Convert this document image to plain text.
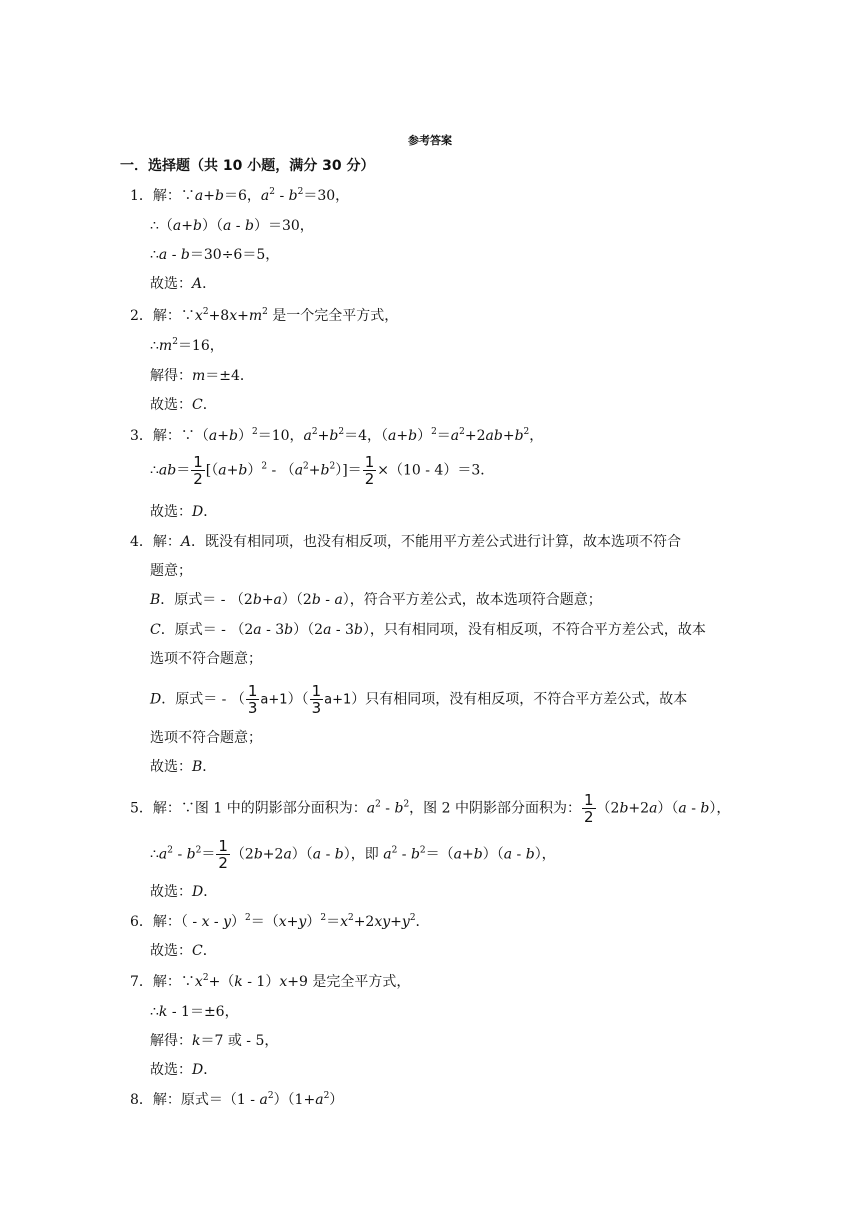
参考答案
一．选择题（共 10 小题，满分 30 分）
1．解：∵a+b＝6，$a^2 - b^2=30$，
∴（a+b）（a - b）＝30，
∴a - b＝30÷6＝5，
故选：A．
2．解：$\because x^2+8x+m^2$ 是一个完全平方式，
$\therefore m^2=16$，
解得：m＝±4．
故选：C．
3．解：$\because(a+b)^2=10$，$a^2+b^2=4$，$(a+b)^2=a^2+2ab+b^2$，
∴ab＝ $\frac{1}{2} [(a+b)^2 - (a^2+b^2)]= \frac{1}{2} \times(10 - 4)=3$．
故选：D．
4．解：A．既没有相同项，也没有相反项，不能用平方差公式进行计算，故本选项不符合
题意；
B．原式＝ - （2b+a）（2b - a），符合平方差公式，故本选项符合题意；
C．原式＝ - （2a - 3b）（2a - 3b），只有相同项，没有相反项，不符合平方差公式，故本
选项不符合题意；
D．原式＝ - （ $\frac{1}{3} a+1)( \frac{1}{3} a+1)$只有相同项，没有相反项，不符合平方差公式，故本
选项不符合题意；
故选：B．
5．解：∵图 1 中的阴影部分面积为：$a^2 - b^2$，图 2 中阴影部分面积为： $\frac{1}{2} (2b+2a)(a - b)$，
$\therefore a^2 - b^2= \frac{1}{2} (2b+2a)(a - b)$，即 $a^2 - b^2=(a+b)(a - b)$，
故选：D．
6．解：（ - $x - y)^2=(x+y)^2=x^2+2xy+y^2$．
故选：C．
7．解：$\because x^2+(k - 1)x+9$ 是完全平方式，
∴k - 1＝±6，
解得：k＝7 或 - 5，
故选：D．
8．解：原式$=(1 - a^2)(1+a^2)$
